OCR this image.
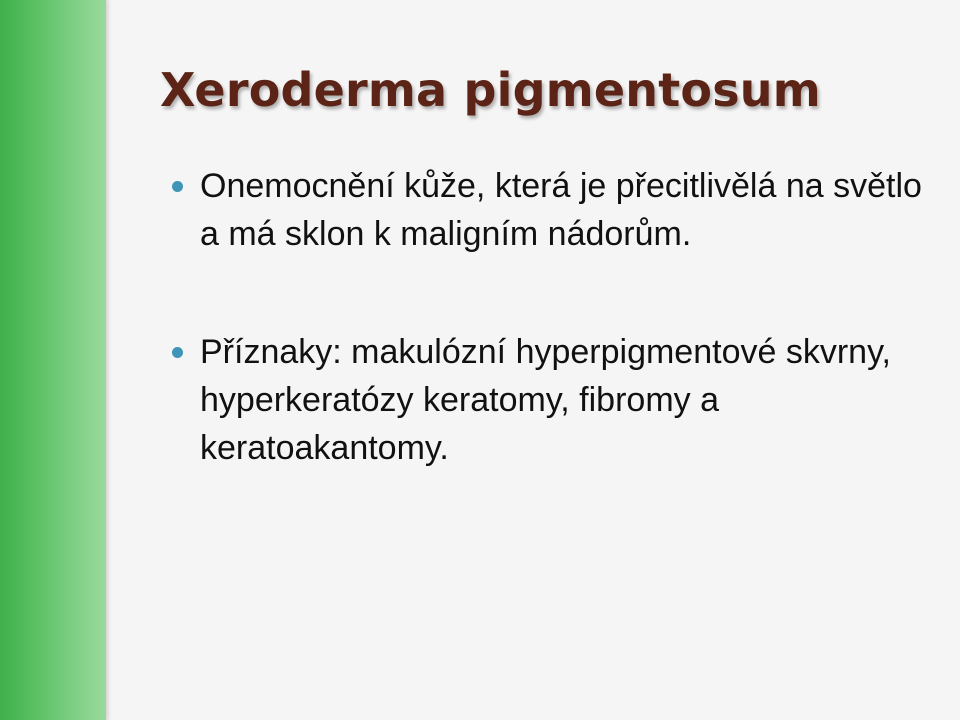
Xeroderma pigmentosum
Onemocnění kůže, která je přecitlivělá na světlo a má sklon k maligním nádorům.
Příznaky: makulózní hyperpigmentové skvrny, hyperkeratózy keratomy, fibromy a keratoakantomy.
